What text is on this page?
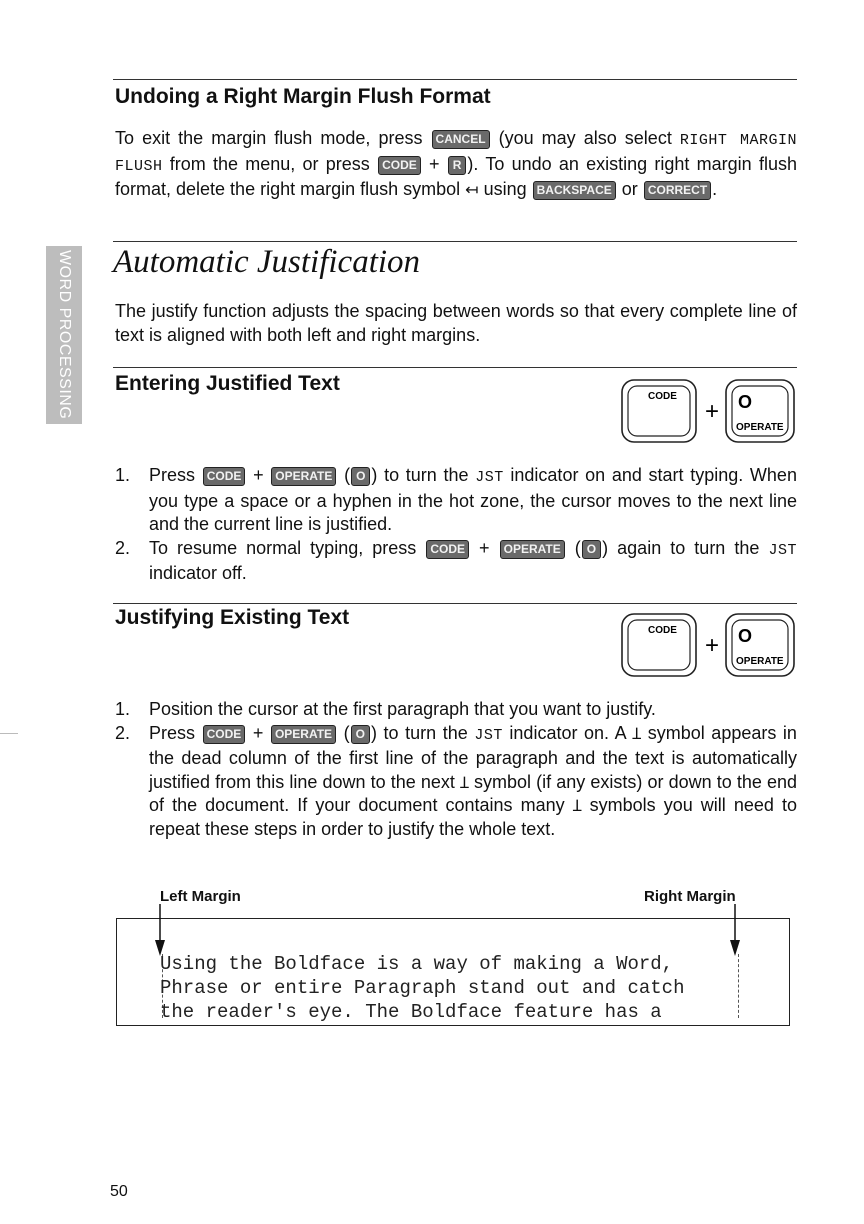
WORD PROCESSING
Undoing a Right Margin Flush Format

To exit the margin flush mode, press CANCEL (you may also select RIGHT MARGIN FLUSH from the menu, or press CODE + R ). To undo an existing right margin flush format, delete the right margin flush symbol ↤ using BACKSPACE or CORRECT .

Automatic Justification

The justify function adjusts the spacing between words so that every complete line of text is aligned with both left and right margins.

Entering Justified Text
CODE
+ O
OPERATE
1. Press CODE + OPERATE ( O ) to turn the JST indicator on and start typing. When you type a space or a hyphen in the hot zone, the cursor moves to the next line and the current line is justified.
2. To resume normal typing, press CODE + OPERATE ( O ) again to turn the JST indicator off.
Justifying Existing Text
CODE
+ O
OPERATE
1. Position the cursor at the first paragraph that you want to justify.
2. Press CODE + OPERATE ( O ) to turn the JST indicator on. A Ʇ symbol appears in the dead column of the first line of the paragraph and the text is automatically justified from this line down to the next Ʇ symbol (if any exists) or down to the end of the document. If your document contains many Ʇ symbols you will need to repeat these steps in order to justify the whole text.
Left Margin	Right Margin
Using the Boldface is a way of making a Word,
Phrase or entire Paragraph stand out and catch
the reader's eye. The Boldface feature has a
50
